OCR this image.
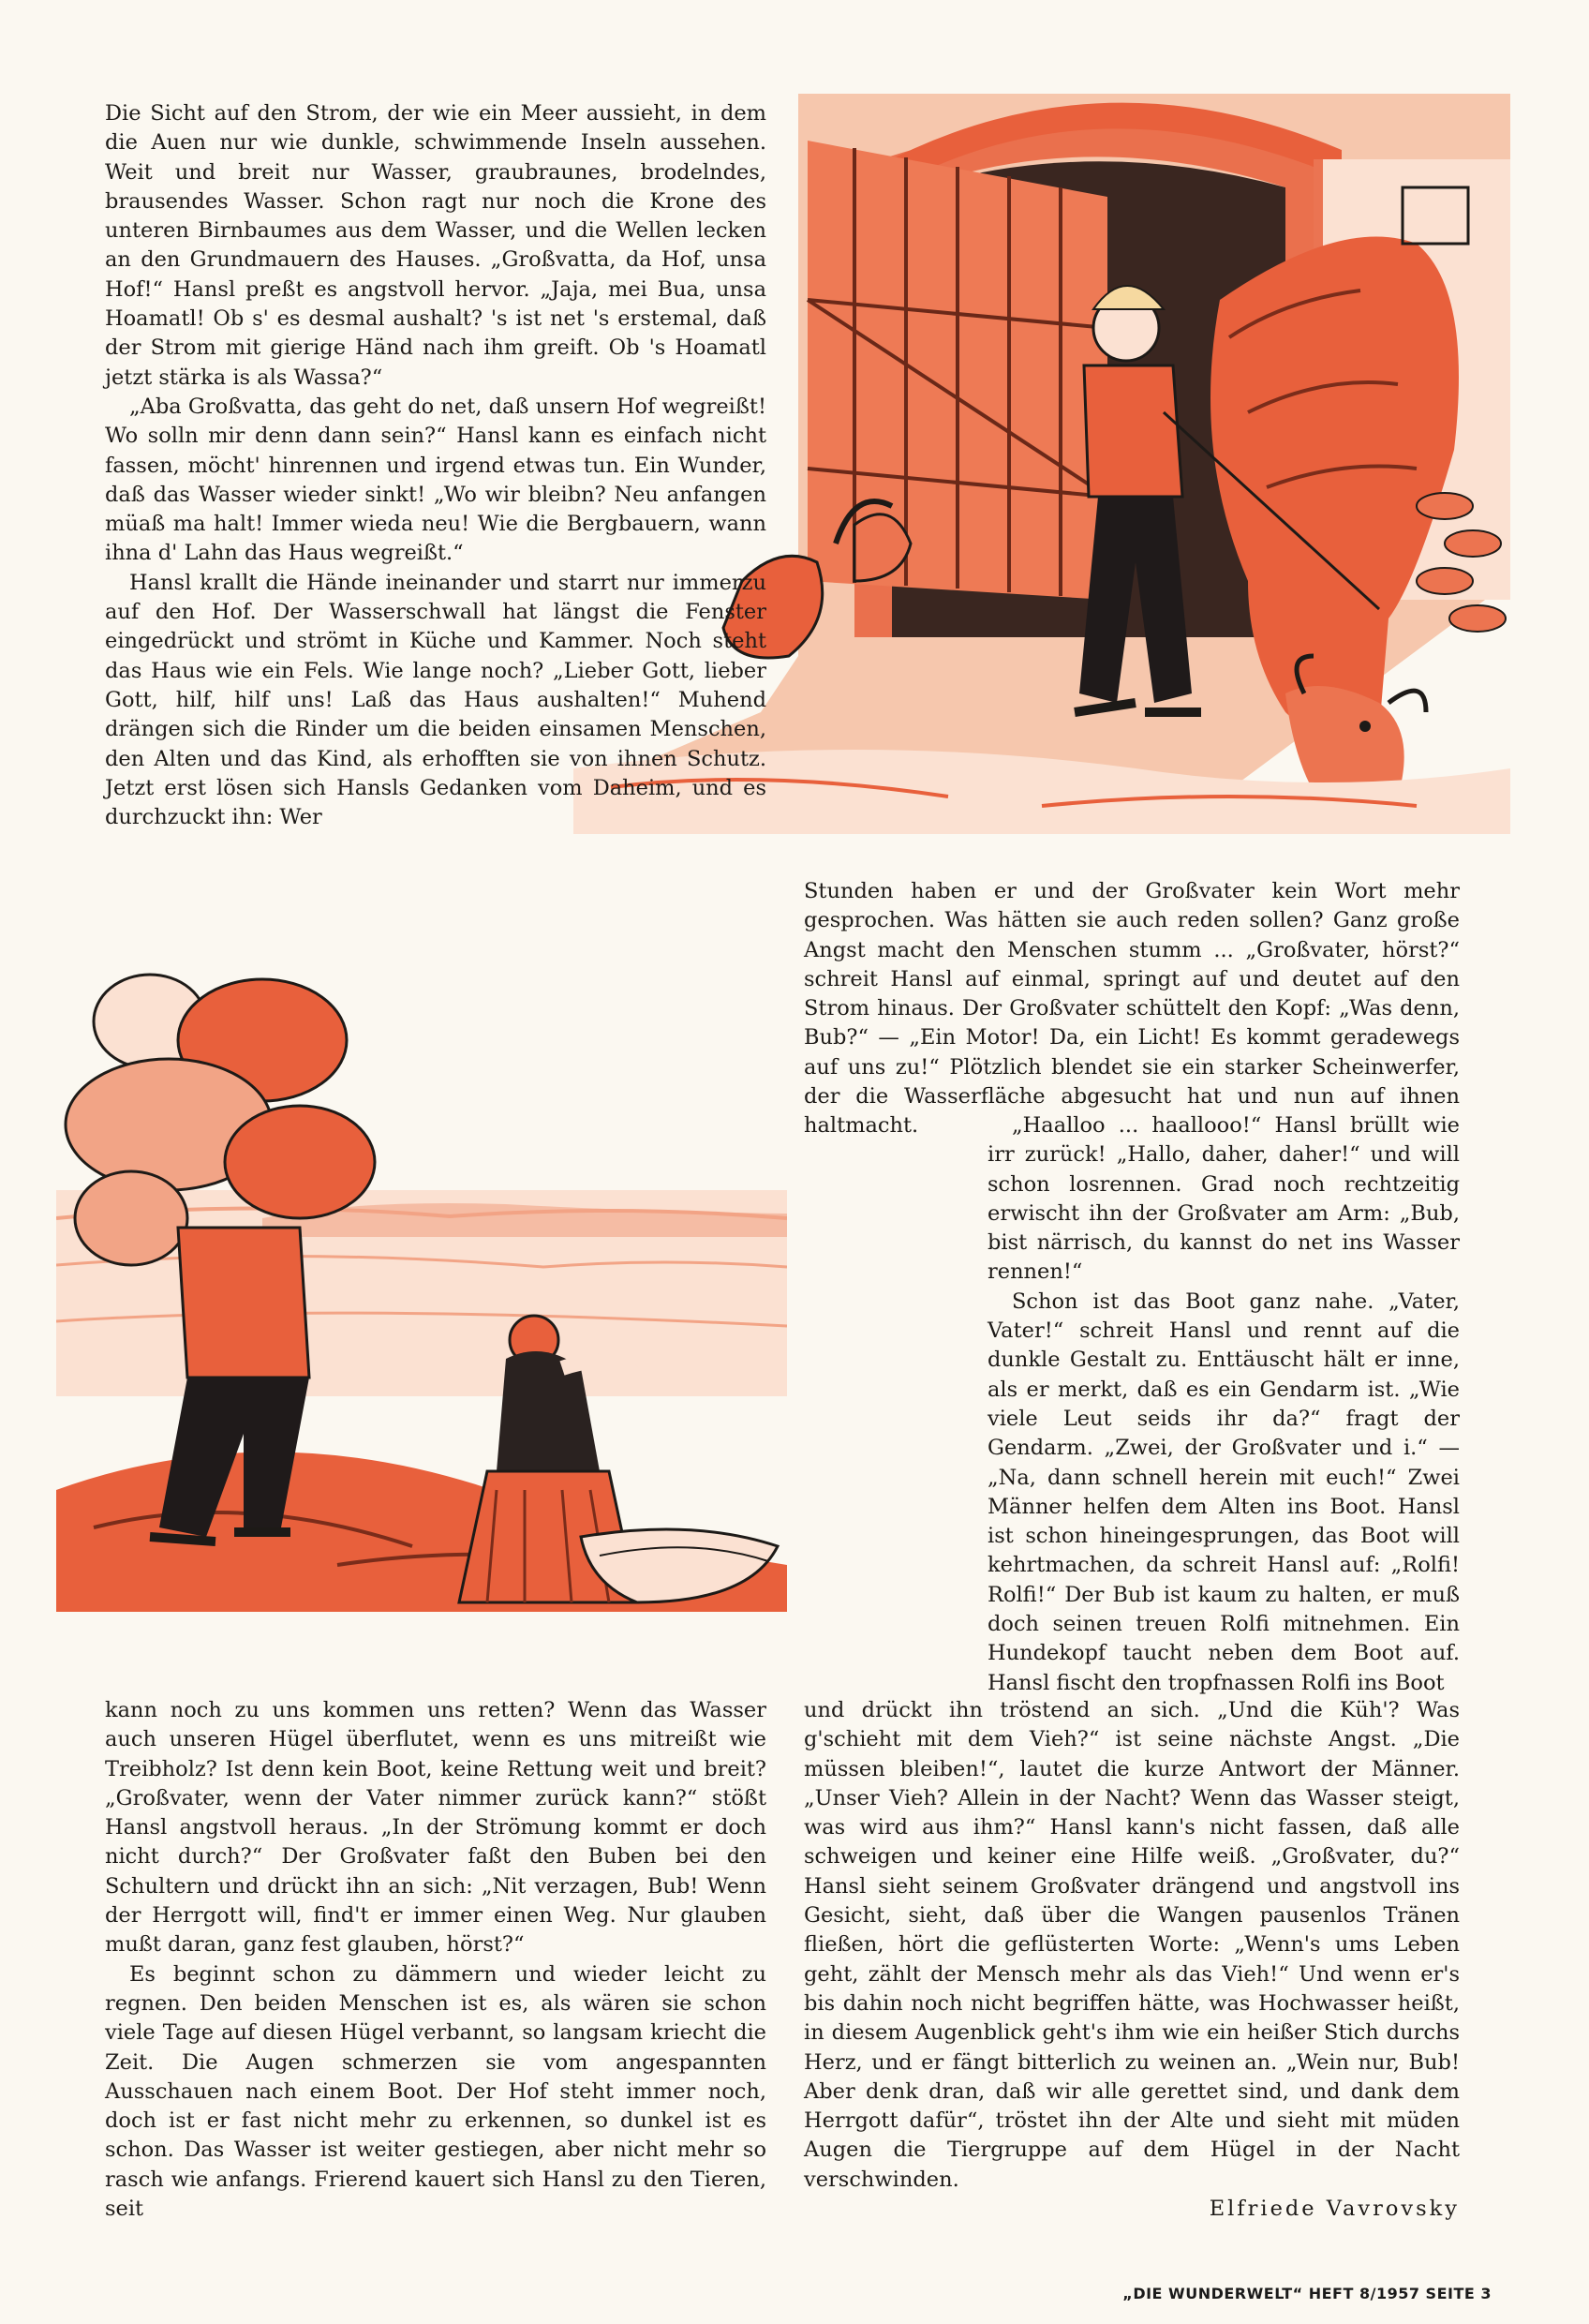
Die Sicht auf den Strom, der wie ein Meer aussieht, in dem die Auen nur wie dunkle, schwimmende Inseln aussehen. Weit und breit nur Wasser, graubraunes, brodelndes, brausendes Wasser. Schon ragt nur noch die Krone des unteren Birnbaumes aus dem Wasser, und die Wellen lecken an den Grundmauern des Hauses. „Großvatta, da Hof, unsa Hof!“ Hansl preßt es angstvoll hervor. „Jaja, mei Bua, unsa Hoamatl! Ob s' es desmal aushalt? 's ist net 's erstemal, daß der Strom mit gierige Händ nach ihm greift. Ob 's Hoamatl jetzt stärka is als Wassa?“

„Aba Großvatta, das geht do net, daß unsern Hof wegreißt! Wo solln mir denn dann sein?“ Hansl kann es einfach nicht fassen, möcht' hinrennen und irgend etwas tun. Ein Wunder, daß das Wasser wieder sinkt! „Wo wir bleibn? Neu anfangen müaß ma halt! Immer wieda neu! Wie die Bergbauern, wann ihna d' Lahn das Haus wegreißt.“

Hansl krallt die Hände ineinander und starrt nur immerzu auf den Hof. Der Wasserschwall hat längst die Fenster eingedrückt und strömt in Küche und Kammer. Noch steht das Haus wie ein Fels. Wie lange noch? „Lieber Gott, lieber Gott, hilf, hilf uns! Laß das Haus aushalten!“ Muhend drängen sich die Rinder um die beiden einsamen Menschen, den Alten und das Kind, als erhofften sie von ihnen Schutz. Jetzt erst lösen sich Hansls Gedanken vom Daheim, und es durchzuckt ihn: Wer

kann noch zu uns kommen uns retten? Wenn das Wasser auch unseren Hügel überflutet, wenn es uns mitreißt wie Treibholz? Ist denn kein Boot, keine Rettung weit und breit? „Großvater, wenn der Vater nimmer zurück kann?“ stößt Hansl angstvoll heraus. „In der Strömung kommt er doch nicht durch?“ Der Großvater faßt den Buben bei den Schultern und drückt ihn an sich: „Nit verzagen, Bub! Wenn der Herrgott will, find't er immer einen Weg. Nur glauben mußt daran, ganz fest glauben, hörst?“

Es beginnt schon zu dämmern und wieder leicht zu regnen. Den beiden Menschen ist es, als wären sie schon viele Tage auf diesen Hügel verbannt, so langsam kriecht die Zeit. Die Augen schmerzen sie vom angespannten Ausschauen nach einem Boot. Der Hof steht immer noch, doch ist er fast nicht mehr zu erkennen, so dunkel ist es schon. Das Wasser ist weiter gestiegen, aber nicht mehr so rasch wie anfangs. Frierend kauert sich Hansl zu den Tieren, seit

Stunden haben er und der Großvater kein Wort mehr gesprochen. Was hätten sie auch reden sollen? Ganz große Angst macht den Menschen stumm ... „Großvater, hörst?“ schreit Hansl auf einmal, springt auf und deutet auf den Strom hinaus. Der Großvater schüttelt den Kopf: „Was denn, Bub?“ — „Ein Motor! Da, ein Licht! Es kommt geradewegs auf uns zu!“ Plötzlich blendet sie ein starker Scheinwerfer, der die Wasserfläche abgesucht hat und nun auf ihnen haltmacht.	„Haalloo ... haallooo!“ Hansl brüllt wie irr zurück! „Hallo, daher, daher!“ und will schon losrennen. Grad noch rechtzeitig erwischt ihn der Großvater am Arm: „Bub, bist närrisch, du kannst do net ins Wasser rennen!“

Schon ist das Boot ganz nahe. „Vater, Vater!“ schreit Hansl und rennt auf die dunkle Gestalt zu. Enttäuscht hält er inne, als er merkt, daß es ein Gendarm ist. „Wie viele Leut seids ihr da?“ fragt der Gendarm. „Zwei, der Großvater und i.“ — „Na, dann schnell herein mit euch!“ Zwei Männer helfen dem Alten ins Boot. Hansl ist schon hineingesprungen, das Boot will kehrtmachen, da schreit Hansl auf: „Rolfi! Rolfi!“ Der Bub ist kaum zu halten, er muß doch seinen treuen Rolfi mitnehmen. Ein Hundekopf taucht neben dem Boot auf. Hansl fischt den tropfnassen Rolfi ins Boot

und drückt ihn tröstend an sich. „Und die Küh'? Was g'schieht mit dem Vieh?“ ist seine nächste Angst. „Die müssen bleiben!“, lautet die kurze Antwort der Männer. „Unser Vieh? Allein in der Nacht? Wenn das Wasser steigt, was wird aus ihm?“ Hansl kann's nicht fassen, daß alle schweigen und keiner eine Hilfe weiß. „Großvater, du?“ Hansl sieht seinem Großvater drängend und angstvoll ins Gesicht, sieht, daß über die Wangen pausenlos Tränen fließen, hört die geflüsterten Worte: „Wenn's ums Leben geht, zählt der Mensch mehr als das Vieh!“ Und wenn er's bis dahin noch nicht begriffen hätte, was Hochwasser heißt, in diesem Augenblick geht's ihm wie ein heißer Stich durchs Herz, und er fängt bitterlich zu weinen an. „Wein nur, Bub! Aber denk dran, daß wir alle gerettet sind, und dank dem Herrgott dafür“, tröstet ihn der Alte und sieht mit müden Augen die Tiergruppe auf dem Hügel in der Nacht verschwinden.

Elfriede Vavrovsky

„DIE WUNDERWELT“ HEFT 8/1957 SEITE 3
